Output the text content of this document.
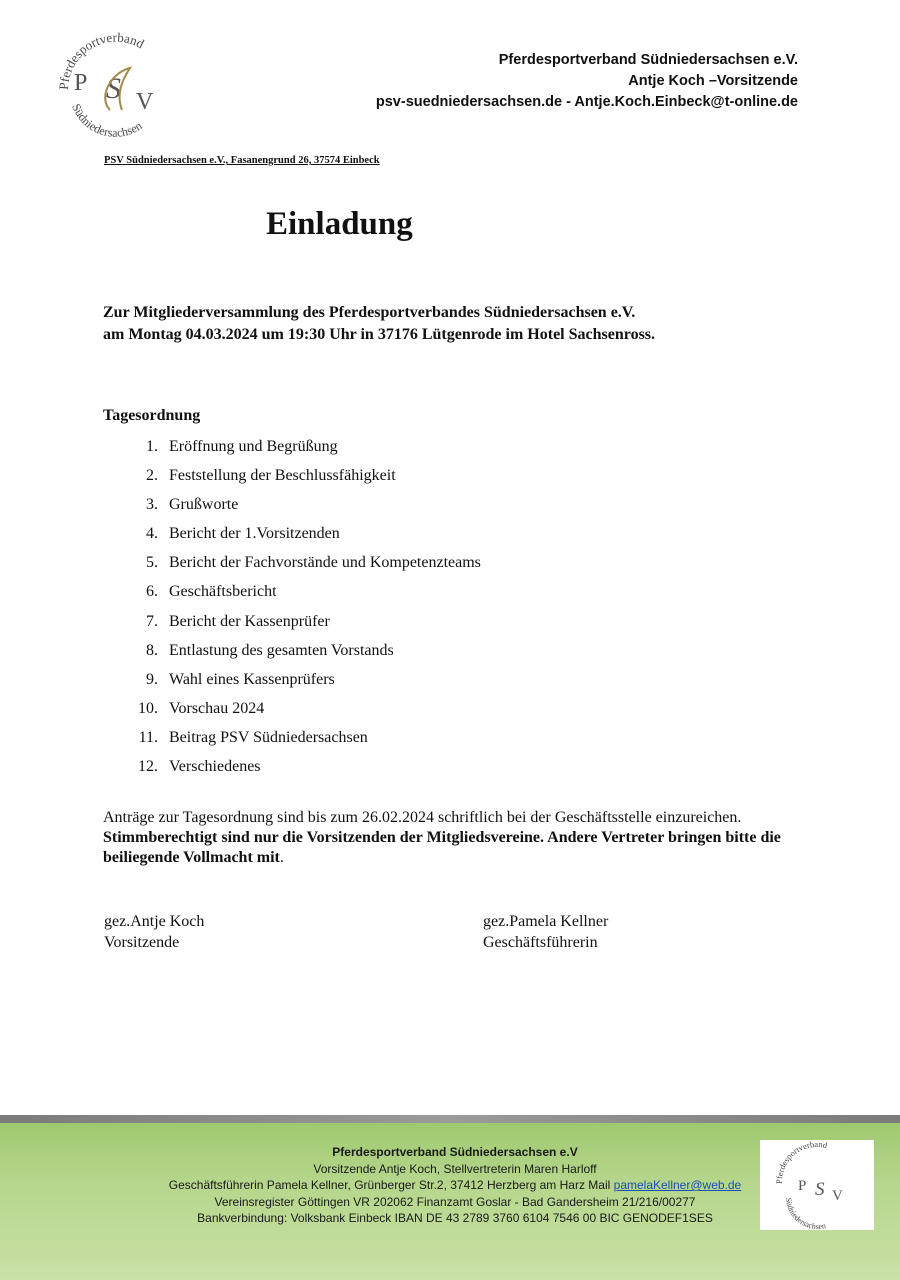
Pferdesportverband
Südniedersachsen
P S V
Pferdesportverband Südniedersachsen e.V.
Antje Koch –Vorsitzende
psv-suedniedersachsen.de - Antje.Koch.Einbeck@t-online.de
PSV Südniedersachsen e.V., Fasanengrund 26, 37574 Einbeck
Einladung
Zur Mitgliederversammlung des Pferdesportverbandes Südniedersachsen e.V.
am Montag 04.03.2024 um 19:30 Uhr in 37176 Lütgenrode im Hotel Sachsenross.
Tagesordnung
1. Eröffnung und Begrüßung
2. Feststellung der Beschlussfähigkeit
3. Grußworte
4. Bericht der 1.Vorsitzenden
5. Bericht der Fachvorstände und Kompetenzteams
6. Geschäftsbericht
7. Bericht der Kassenprüfer
8. Entlastung des gesamten Vorstands
9. Wahl eines Kassenprüfers
10. Vorschau 2024
11. Beitrag PSV Südniedersachsen
12. Verschiedenes
Anträge zur Tagesordnung sind bis zum 26.02.2024 schriftlich bei der Geschäftsstelle einzureichen.
Stimmberechtigt sind nur die Vorsitzenden der Mitgliedsvereine. Andere Vertreter bringen bitte die beiliegende Vollmacht mit.
gez.Antje Koch
Vorsitzende
gez.Pamela Kellner
Geschäftsführerin
Pferdesportverband Südniedersachsen e.V
Vorsitzende Antje Koch, Stellvertreterin Maren Harloff
Geschäftsführerin Pamela Kellner, Grünberger Str.2, 37412 Herzberg am Harz Mail pamelaKellner@web.de
Vereinsregister Göttingen VR 202062 Finanzamt Goslar - Bad Gandersheim 21/216/00277
Bankverbindung: Volksbank Einbeck IBAN DE 43 2789 3760 6104 7546 00 BIC GENODEF1SES
Pferdesportverband
Südniedersachsen
P S V
